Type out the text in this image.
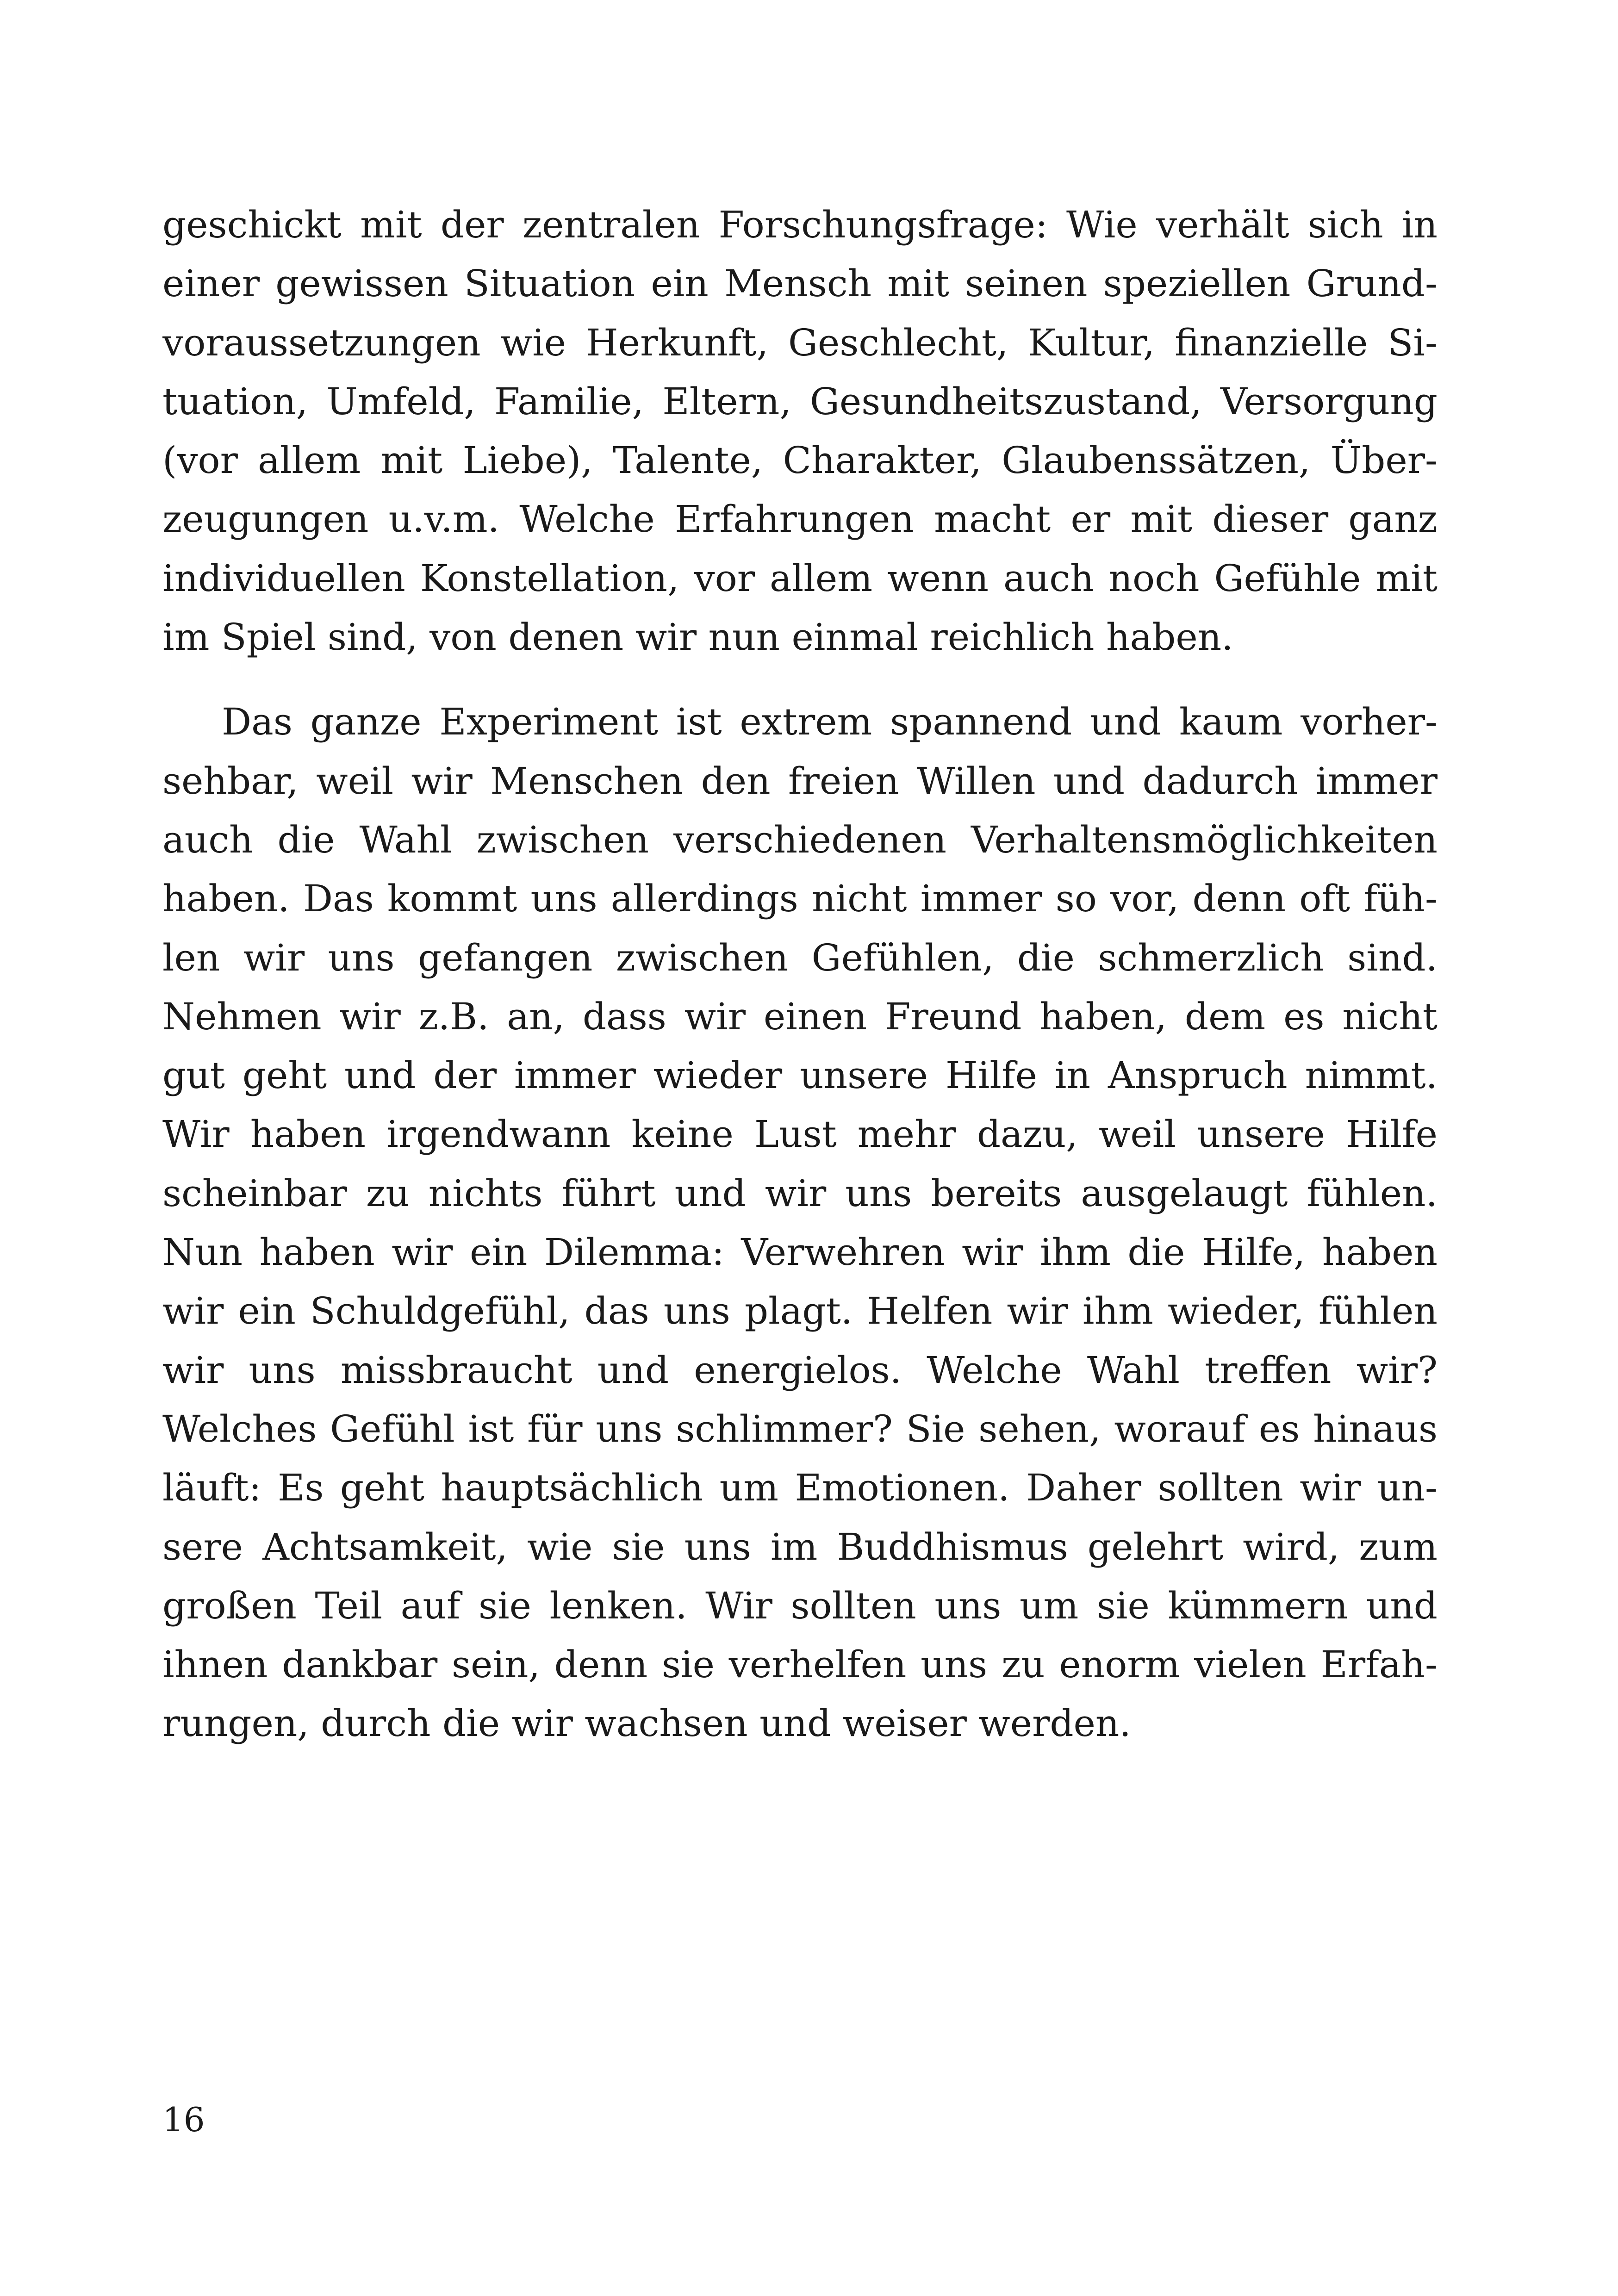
geschickt mit der zentralen Forschungsfrage: Wie verhält sich in
einer gewissen Situation ein Mensch mit seinen speziellen Grund-
voraussetzungen wie Herkunft, Geschlecht, Kultur, finanzielle Si-
tuation, Umfeld, Familie, Eltern, Gesundheitszustand, Versorgung
(vor allem mit Liebe), Talente, Charakter, Glaubenssätzen, Über-
zeugungen u.v.m. Welche Erfahrungen macht er mit dieser ganz
individuellen Konstellation, vor allem wenn auch noch Gefühle mit
im Spiel sind, von denen wir nun einmal reichlich haben.
Das ganze Experiment ist extrem spannend und kaum vorher-
sehbar, weil wir Menschen den freien Willen und dadurch immer
auch die Wahl zwischen verschiedenen Verhaltensmöglichkeiten
haben. Das kommt uns allerdings nicht immer so vor, denn oft füh-
len wir uns gefangen zwischen Gefühlen, die schmerzlich sind.
Nehmen wir z.B. an, dass wir einen Freund haben, dem es nicht
gut geht und der immer wieder unsere Hilfe in Anspruch nimmt.
Wir haben irgendwann keine Lust mehr dazu, weil unsere Hilfe
scheinbar zu nichts führt und wir uns bereits ausgelaugt fühlen.
Nun haben wir ein Dilemma: Verwehren wir ihm die Hilfe, haben
wir ein Schuldgefühl, das uns plagt. Helfen wir ihm wieder, fühlen
wir uns missbraucht und energielos. Welche Wahl treffen wir?
Welches Gefühl ist für uns schlimmer? Sie sehen, worauf es hinaus
läuft: Es geht hauptsächlich um Emotionen. Daher sollten wir un-
sere Achtsamkeit, wie sie uns im Buddhismus gelehrt wird, zum
großen Teil auf sie lenken. Wir sollten uns um sie kümmern und
ihnen dankbar sein, denn sie verhelfen uns zu enorm vielen Erfah-
rungen, durch die wir wachsen und weiser werden.
16
